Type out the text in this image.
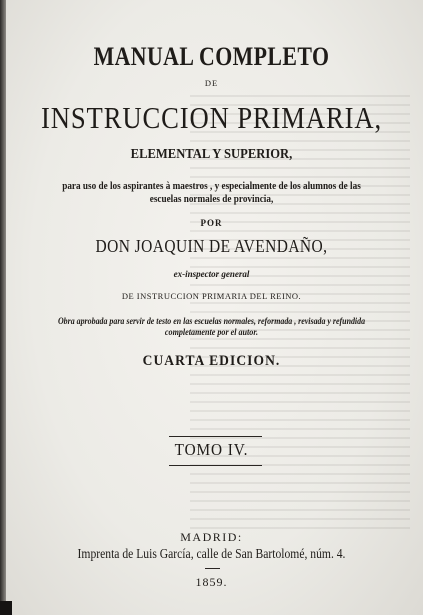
MANUAL COMPLETO
DE
INSTRUCCION PRIMARIA,
ELEMENTAL Y SUPERIOR,
para uso de los aspirantes à maestros , y especialmente de los alumnos de las
escuelas normales de provincia,
POR
DON JOAQUIN DE AVENDAÑO,
ex-inspector general
DE INSTRUCCION PRIMARIA DEL REINO.
Obra aprobada para servir de testo en las escuelas normales, reformada , revisada y refundida
completamente por el autor.
CUARTA EDICION.
TOMO IV.
MADRID:
Imprenta de Luis García, calle de San Bartolomé, núm. 4.
1859.
